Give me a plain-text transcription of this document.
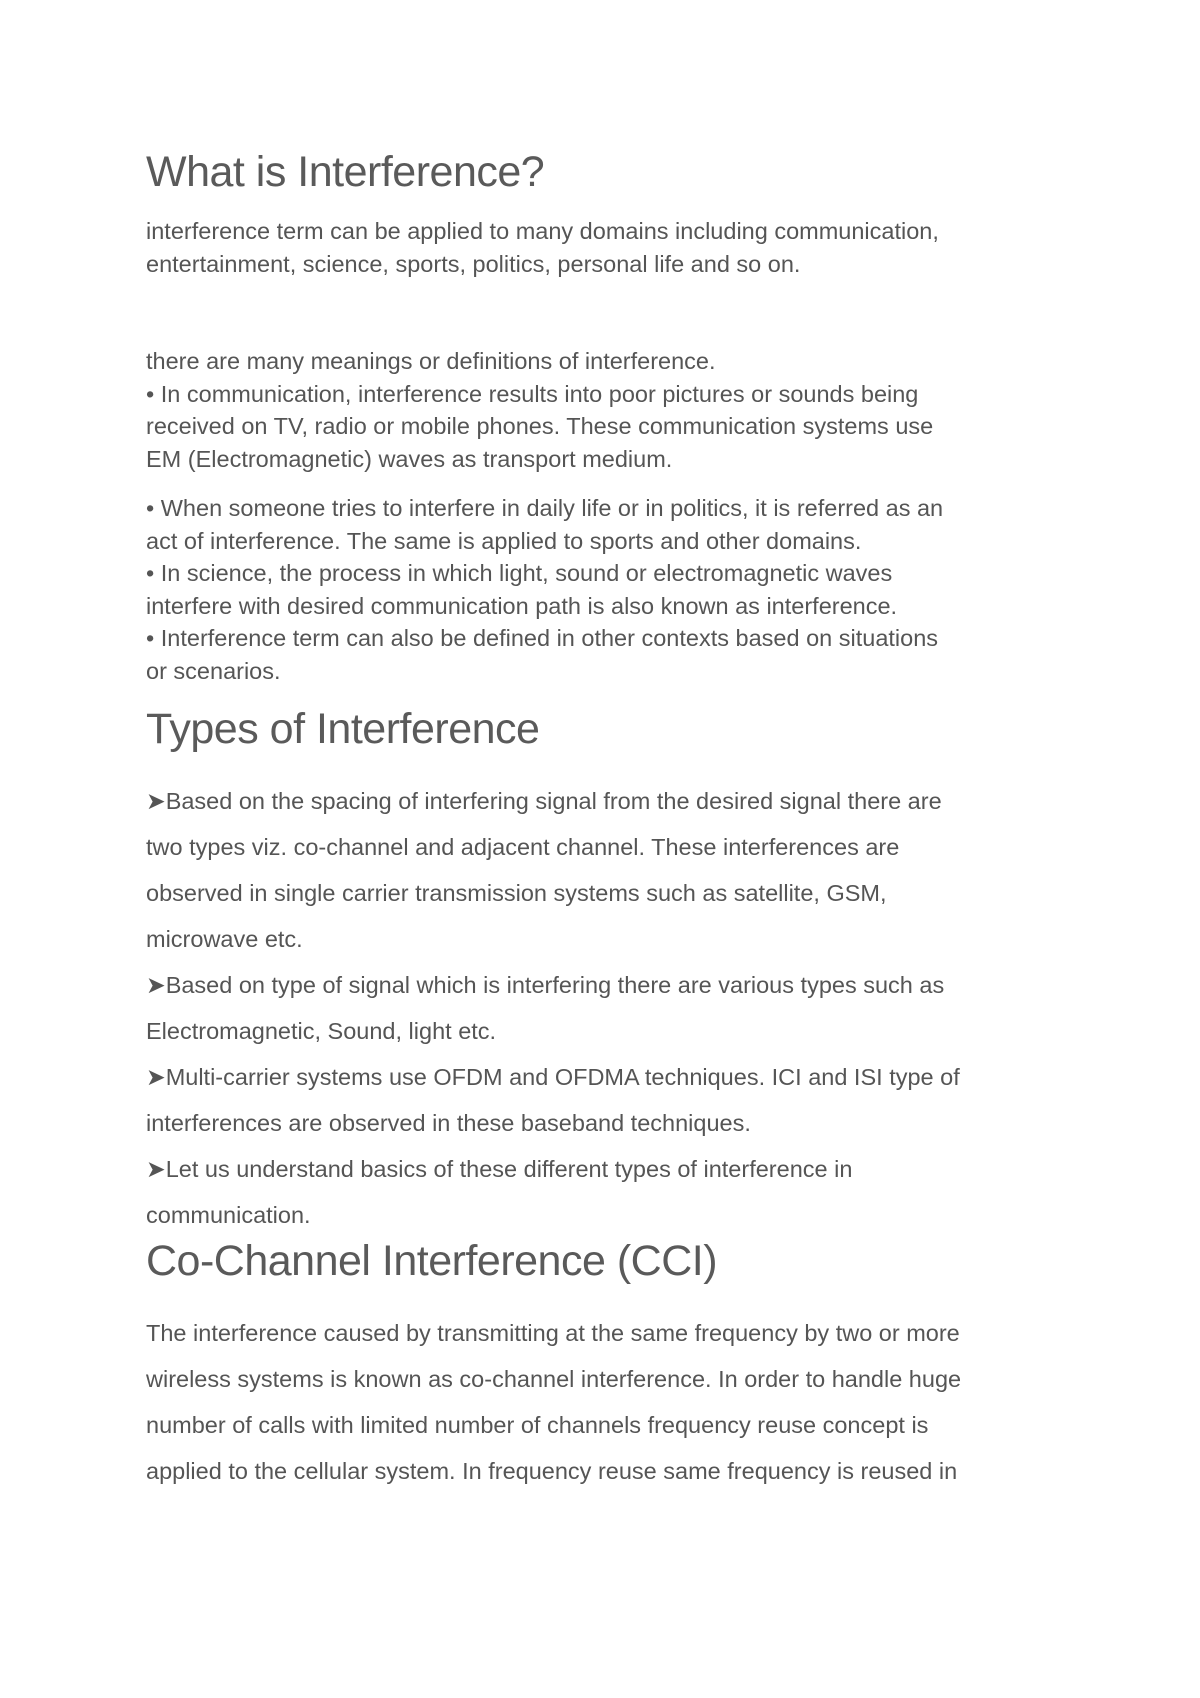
What is Interference?

interference term can be applied to many domains including communication,
entertainment, science, sports, politics, personal life and so on.

there are many meanings or definitions of interference.
• In communication, interference results into poor pictures or sounds being
received on TV, radio or mobile phones. These communication systems use
EM (Electromagnetic) waves as transport medium.

• When someone tries to interfere in daily life or in politics, it is referred as an
act of interference. The same is applied to sports and other domains.
• In science, the process in which light, sound or electromagnetic waves
interfere with desired communication path is also known as interference.
• Interference term can also be defined in other contexts based on situations
or scenarios.

Types of Interference

➤Based on the spacing of interfering signal from the desired signal there are
two types viz. co-channel and adjacent channel. These interferences are
observed in single carrier transmission systems such as satellite, GSM,
microwave etc.
➤Based on type of signal which is interfering there are various types such as
Electromagnetic, Sound, light etc.
➤Multi-carrier systems use OFDM and OFDMA techniques. ICI and ISI type of
interferences are observed in these baseband techniques.
➤Let us understand basics of these different types of interference in
communication.

Co-Channel Interference (CCI)

The interference caused by transmitting at the same frequency by two or more
wireless systems is known as co-channel interference. In order to handle huge
number of calls with limited number of channels frequency reuse concept is
applied to the cellular system. In frequency reuse same frequency is reused in
